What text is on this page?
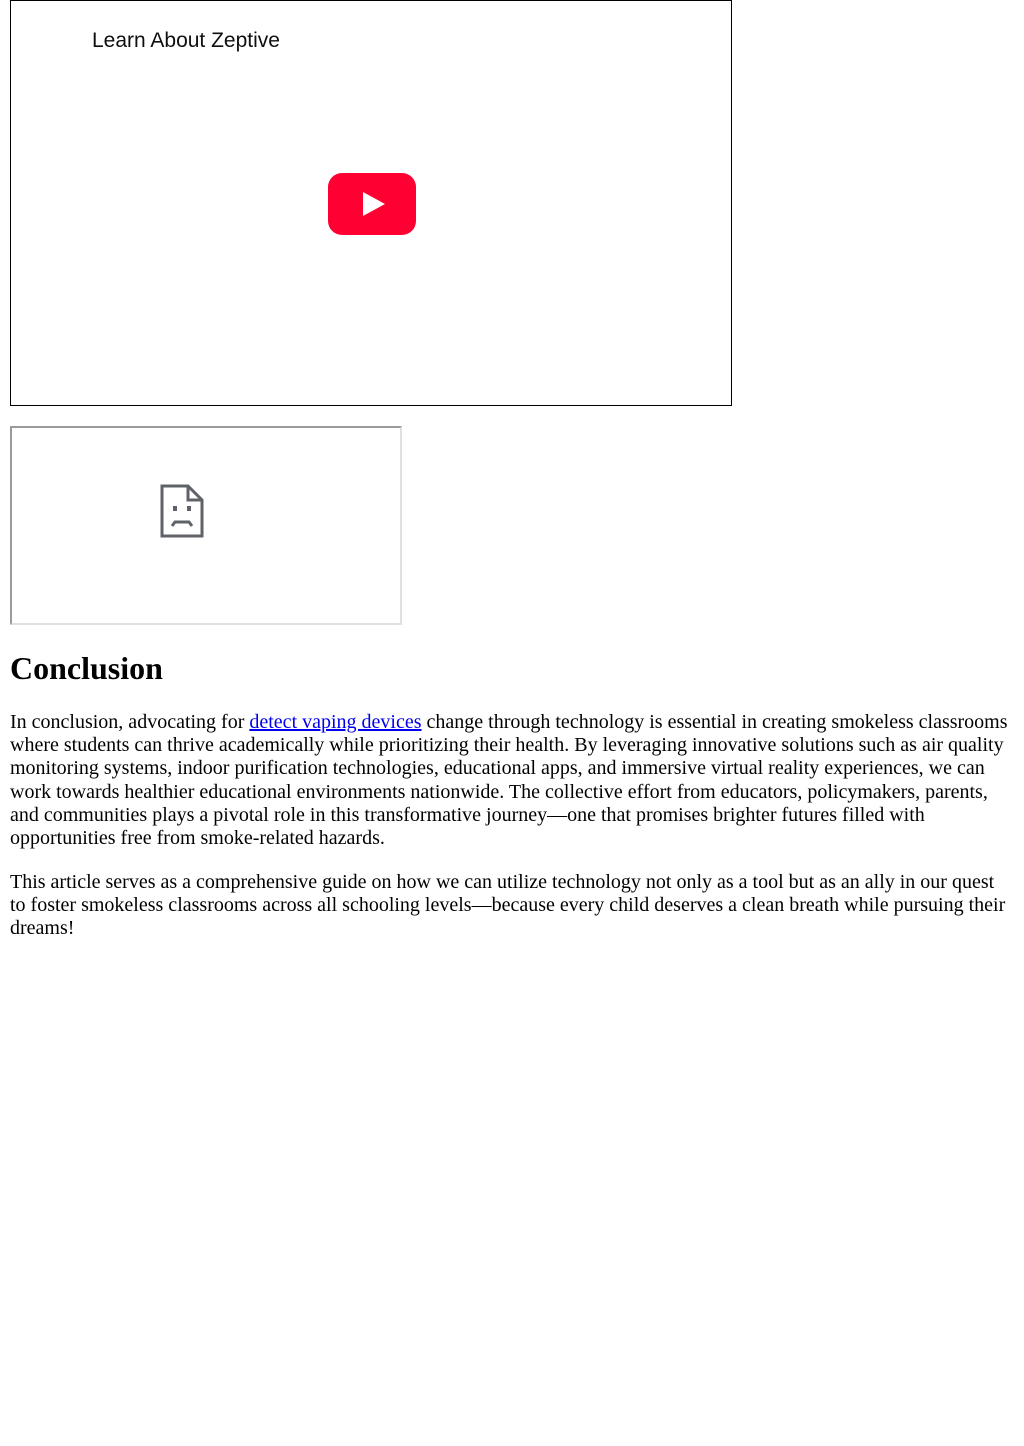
Learn About Zeptive
Conclusion

In conclusion, advocating for detect vaping devices change through technology is essential in creating smokeless classrooms where students can thrive academically while prioritizing their health. By leveraging innovative solutions such as air quality monitoring systems, indoor purification technologies, educational apps, and immersive virtual reality experiences, we can work towards healthier educational environments nationwide. The collective effort from educators, policymakers, parents, and communities plays a pivotal role in this transformative journey—one that promises brighter futures filled with opportunities free from smoke-related hazards.

This article serves as a comprehensive guide on how we can utilize technology not only as a tool but as an ally in our quest to foster smokeless classrooms across all schooling levels—because every child deserves a clean breath while pursuing their dreams!
